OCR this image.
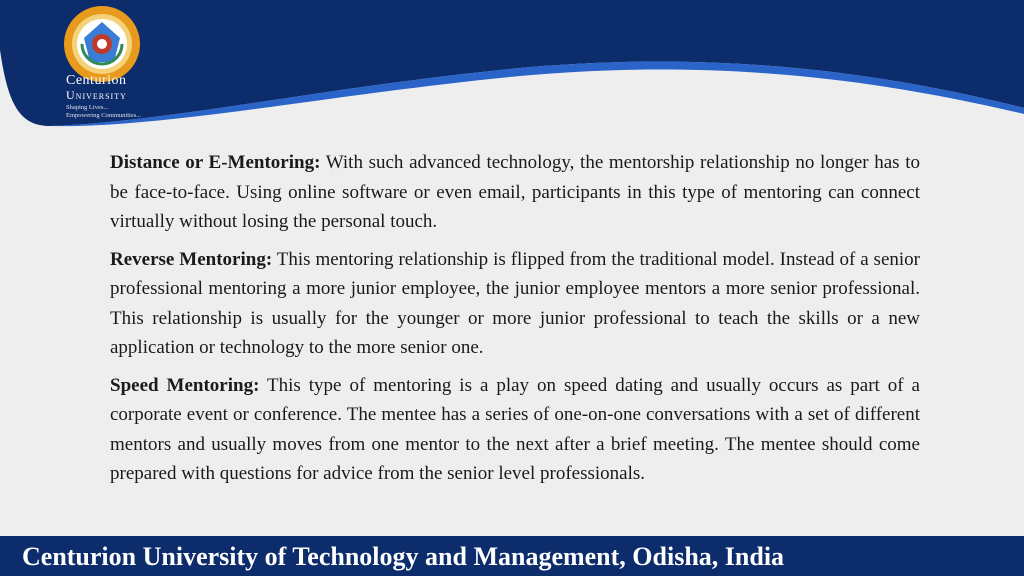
Centurion
University
Shaping Lives...
Empowering Communities...

Distance or E-Mentoring: With such advanced technology, the mentorship relationship no longer has to be face-to-face. Using online software or even email, participants in this type of mentoring can connect virtually without losing the personal touch.

Reverse Mentoring: This mentoring relationship is flipped from the traditional model. Instead of a senior professional mentoring a more junior employee, the junior employee mentors a more senior professional. This relationship is usually for the younger or more junior professional to teach the skills or a new application or technology to the more senior one.

Speed Mentoring: This type of mentoring is a play on speed dating and usually occurs as part of a corporate event or conference. The mentee has a series of one-on-one conversations with a set of different mentors and usually moves from one mentor to the next after a brief meeting. The mentee should come prepared with questions for advice from the senior level professionals.

Centurion University of Technology and Management, Odisha, India
